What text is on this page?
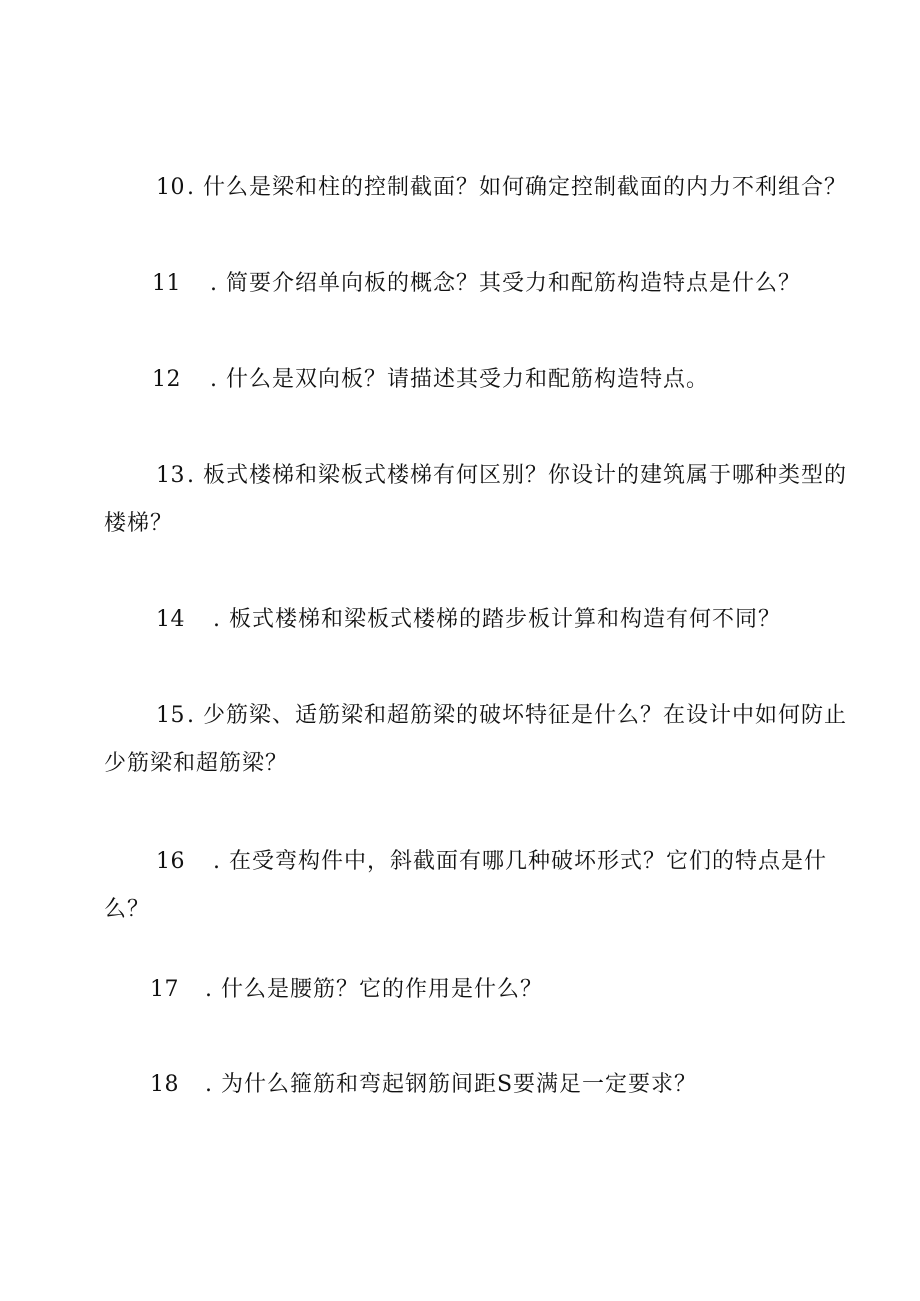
10 . 什么是梁和柱的控制截面？如何确定控制截面的内力不利组合？
11 . 简要介绍单向板的概念？其受力和配筋构造特点是什么？
12 . 什么是双向板？请描述其受力和配筋构造特点。
13 . 板式楼梯和梁板式楼梯有何区别？你设计的建筑属于哪种类型的
楼梯？
14 . 板式楼梯和梁板式楼梯的踏步板计算和构造有何不同？
15 . 少筋梁、适筋梁和超筋梁的破坏特征是什么？在设计中如何防止
少筋梁和超筋梁？
16 . 在受弯构件中，斜截面有哪几种破坏形式？它们的特点是什
么？
17 . 什么是腰筋？它的作用是什么？
18 . 为什么箍筋和弯起钢筋间距S要满足一定要求？
